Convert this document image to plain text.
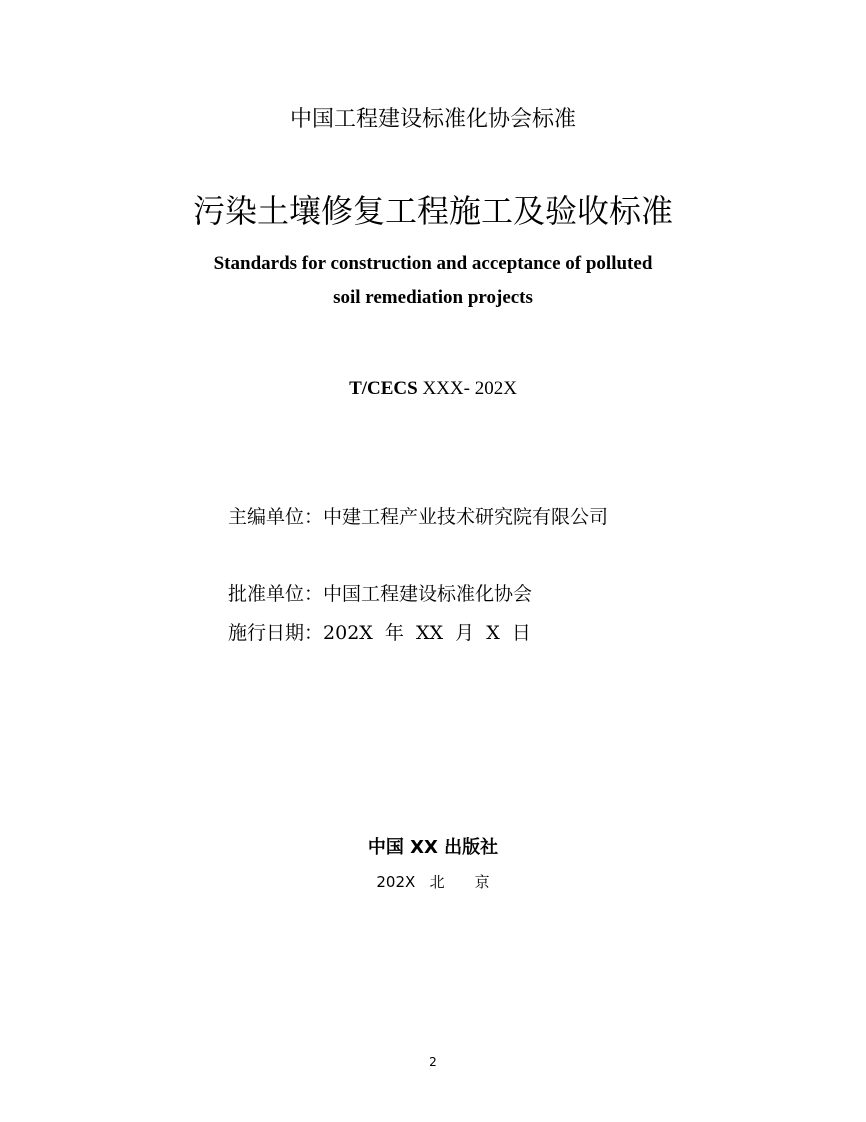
中国工程建设标准化协会标准
污染土壤修复工程施工及验收标准
Standards for construction and acceptance of polluted
soil remediation projects
T/CECS XXX- 202X
主编单位：中建工程产业技术研究院有限公司
批准单位：中国工程建设标准化协会
施行日期：202X 年 XX 月 X 日
中国 XX 出版社
202X 北　　京
2
